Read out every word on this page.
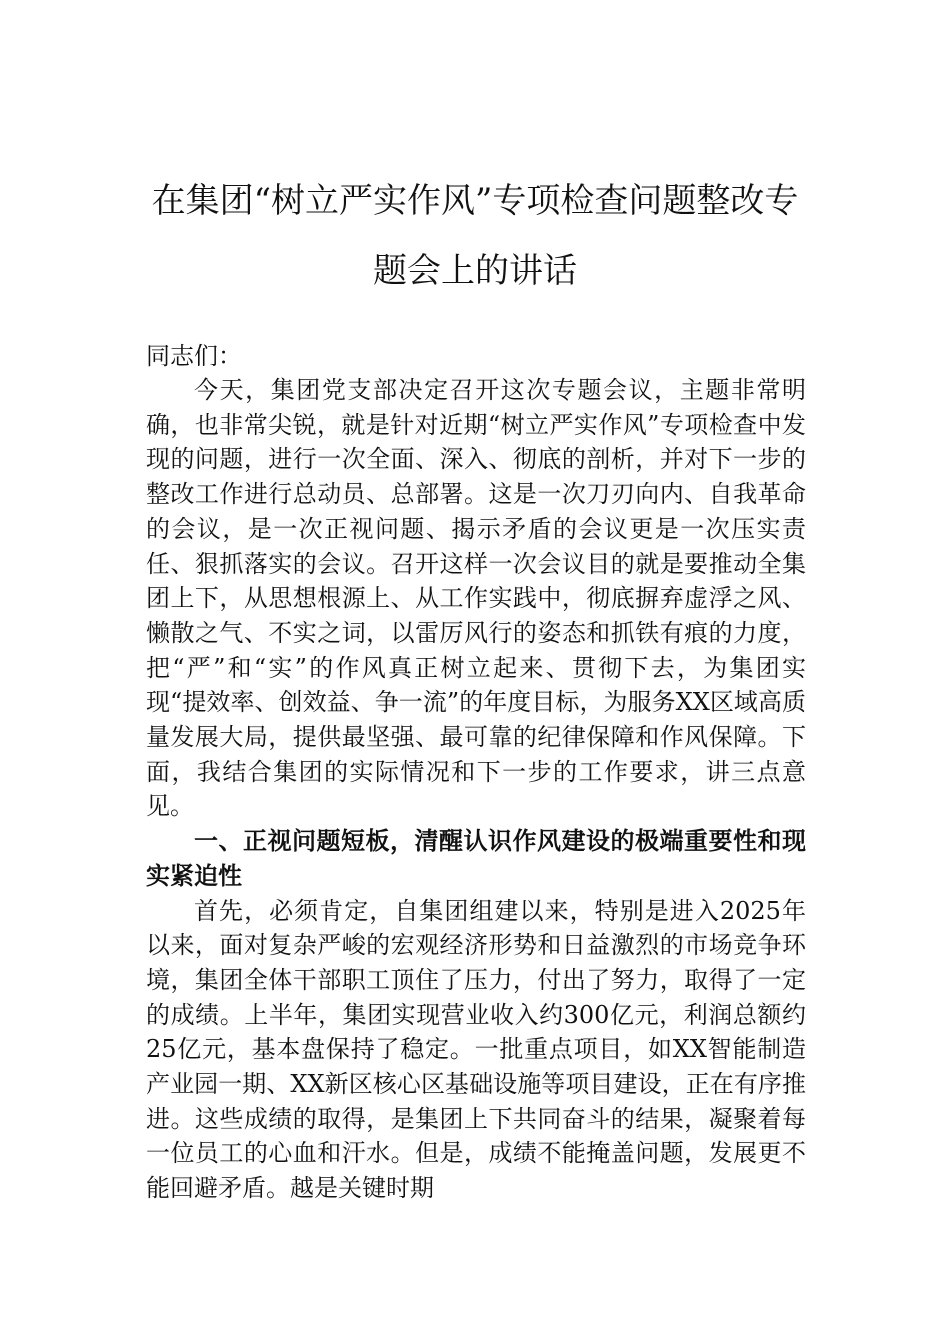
在集团“树立严实作风”专项检查问题整改专
题会上的讲话

同志们：

今天，集团党支部决定召开这次专题会议，主题非常明确，也非常尖锐，就是针对近期“树立严实作风”专项检查中发现的问题，进行一次全面、深入、彻底的剖析，并对下一步的整改工作进行总动员、总部署。这是一次刀刃向内、自我革命的会议，是一次正视问题、揭示矛盾的会议更是一次压实责任、狠抓落实的会议。召开这样一次会议目的就是要推动全集团上下，从思想根源上、从工作实践中，彻底摒弃虚浮之风、懒散之气、不实之词，以雷厉风行的姿态和抓铁有痕的力度，把“严”和“实”的作风真正树立起来、贯彻下去，为集团实现“提效率、创效益、争一流”的年度目标，为服务XX区域高质量发展大局，提供最坚强、最可靠的纪律保障和作风保障。下面，我结合集团的实际情况和下一步的工作要求，讲三点意见。

一、正视问题短板，清醒认识作风建设的极端重要性和现实紧迫性

首先，必须肯定，自集团组建以来，特别是进入2025年以来，面对复杂严峻的宏观经济形势和日益激烈的市场竞争环境，集团全体干部职工顶住了压力，付出了努力，取得了一定的成绩。上半年，集团实现营业收入约300亿元，利润总额约25亿元，基本盘保持了稳定。一批重点项目，如XX智能制造产业园一期、XX新区核心区基础设施等项目建设，正在有序推进。这些成绩的取得，是集团上下共同奋斗的结果，凝聚着每一位员工的心血和汗水。但是，成绩不能掩盖问题，发展更不能回避矛盾。越是关键时期
